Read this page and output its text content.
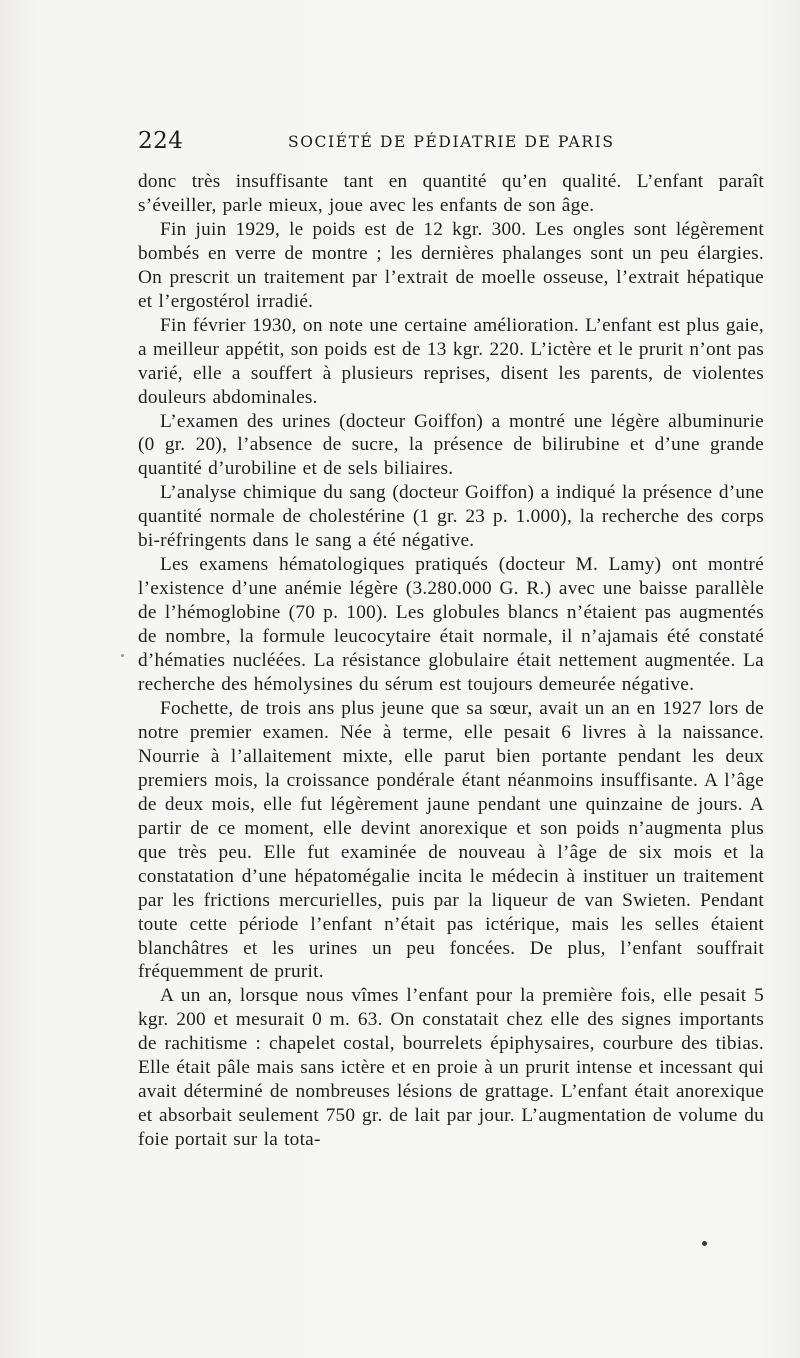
224	SOCIÉTÉ DE PÉDIATRIE DE PARIS

donc très insuffisante tant en quantité qu’en qualité. L’enfant paraît s’éveiller, parle mieux, joue avec les enfants de son âge.

Fin juin 1929, le poids est de 12 kgr. 300. Les ongles sont légèrement bombés en verre de montre ; les dernières phalanges sont un peu élargies. On prescrit un traitement par l’extrait de moelle osseuse, l’extrait hépatique et l’ergostérol irradié.

Fin février 1930, on note une certaine amélioration. L’enfant est plus gaie, a meilleur appétit, son poids est de 13 kgr. 220. L’ictère et le prurit n’ont pas varié, elle a souffert à plusieurs reprises, disent les parents, de violentes douleurs abdominales.

L’examen des urines (docteur Goiffon) a montré une légère albuminurie (0 gr. 20), l’absence de sucre, la présence de bilirubine et d’une grande quantité d’urobiline et de sels biliaires.

L’analyse chimique du sang (docteur Goiffon) a indiqué la présence d’une quantité normale de cholestérine (1 gr. 23 p. 1.000), la recherche des corps bi-réfringents dans le sang a été négative.

Les examens hématologiques pratiqués (docteur M. Lamy) ont montré l’existence d’une anémie légère (3.280.000 G. R.) avec une baisse parallèle de l’hémoglobine (70 p. 100). Les globules blancs n’étaient pas augmentés de nombre, la formule leucocytaire était normale, il n’ajamais été constaté d’hématies nucléées. La résistance globulaire était nettement augmentée. La recherche des hémolysines du sérum est toujours demeurée négative.

Fochette, de trois ans plus jeune que sa sœur, avait un an en 1927 lors de notre premier examen. Née à terme, elle pesait 6 livres à la naissance. Nourrie à l’allaitement mixte, elle parut bien portante pendant les deux premiers mois, la croissance pondérale étant néanmoins insuffisante. A l’âge de deux mois, elle fut légèrement jaune pendant une quinzaine de jours. A partir de ce moment, elle devint anorexique et son poids n’augmenta plus que très peu. Elle fut examinée de nouveau à l’âge de six mois et la constatation d’une hépatomégalie incita le médecin à instituer un traitement par les frictions mercurielles, puis par la liqueur de van Swieten. Pendant toute cette période l’enfant n’était pas ictérique, mais les selles étaient blanchâtres et les urines un peu foncées. De plus, l’enfant souffrait fréquemment de prurit.

A un an, lorsque nous vîmes l’enfant pour la première fois, elle pesait 5 kgr. 200 et mesurait 0 m. 63. On constatait chez elle des signes importants de rachitisme : chapelet costal, bourrelets épiphysaires, courbure des tibias. Elle était pâle mais sans ictère et en proie à un prurit intense et incessant qui avait déterminé de nombreuses lésions de grattage. L’enfant était anorexique et absorbait seulement 750 gr. de lait par jour. L’augmentation de volume du foie portait sur la tota-
